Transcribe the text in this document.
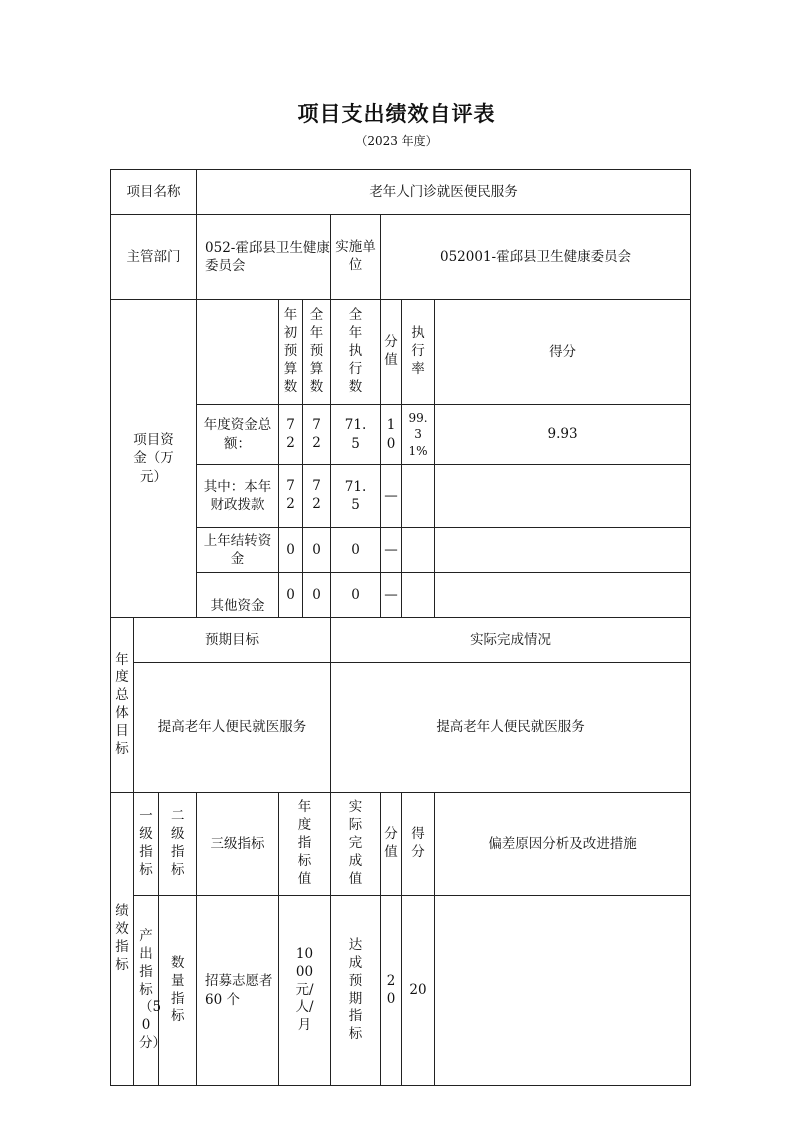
项目支出绩效自评表
（2023 年度）
项目名称			老年人门诊就医便民服务						
主管部门			052-霍邱县卫生健康委员会			实施单位	052001-霍邱县卫生健康委员会		
项目资金（万元）				年初预算数	全年预算数	全年执行数	分值	执行率	得分
			年度资金总额：	72	72	71.5	10	99.31%	9.93
			其中：本年财政拨款	72	72	71.5	—		
			上年结转资金	0	0	0	—		
			其他资金	0	0	0	—		
年度总体目标	预期目标					实际完成情况			
	提高老年人便民就医服务					提高老年人便民就医服务			
绩效指标	一级指标	二级指标	三级指标	年度指标值		实际完成值	分值	得分	偏差原因分析及改进措施
	产出指标（50分）	数量指标	招募志愿者 60 个	1000元/人/月		达成预期指标	20	20	
